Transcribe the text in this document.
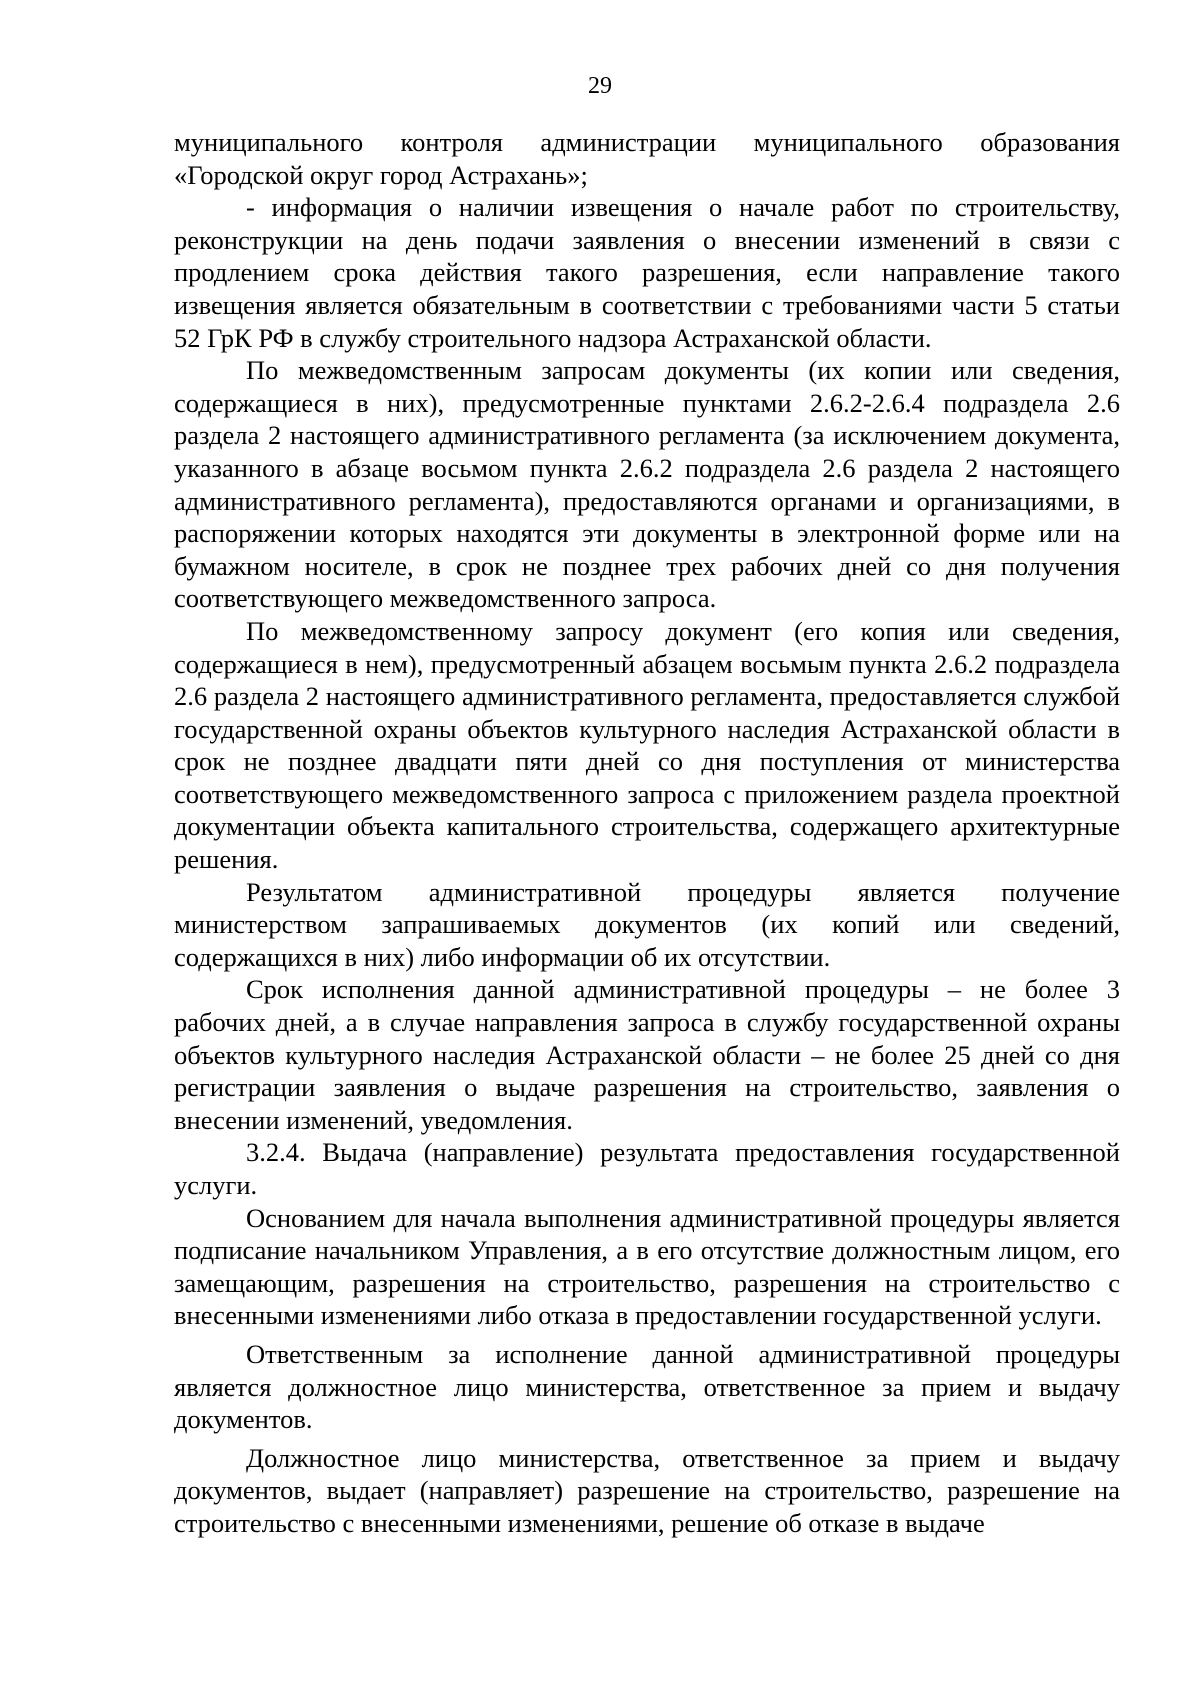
29

муниципального контроля администрации муниципального образования «Городской округ город Астрахань»;

- информация о наличии извещения о начале работ по строительству, реконструкции на день подачи заявления о внесении изменений в связи с продлением срока действия такого разрешения, если направление такого извещения является обязательным в соответствии с требованиями части 5 статьи 52 ГрК РФ в службу строительного надзора Астраханской области.

По межведомственным запросам документы (их копии или сведения, содержащиеся в них), предусмотренные пунктами 2.6.2-2.6.4 подраздела 2.6 раздела 2 настоящего административного регламента (за исключением документа, указанного в абзаце восьмом пункта 2.6.2 подраздела 2.6 раздела 2 настоящего административного регламента), предоставляются органами и организациями, в распоряжении которых находятся эти документы в электронной форме или на бумажном носителе, в срок не позднее трех рабочих дней со дня получения соответствующего межведомственного запроса.

По межведомственному запросу документ (его копия или сведения, содержащиеся в нем), предусмотренный абзацем восьмым пункта 2.6.2 подраздела 2.6 раздела 2 настоящего административного регламента, предоставляется службой государственной охраны объектов культурного наследия Астраханской области в срок не позднее двадцати пяти дней со дня поступления от министерства соответствующего межведомственного запроса с приложением раздела проектной документации объекта капитального строительства, содержащего архитектурные решения.

Результатом административной процедуры является получение министерством запрашиваемых документов (их копий или сведений, содержащихся в них) либо информации об их отсутствии.

Срок исполнения данной административной процедуры – не более 3 рабочих дней, а в случае направления запроса в службу государственной охраны объектов культурного наследия Астраханской области – не более 25 дней со дня регистрации заявления о выдаче разрешения на строительство, заявления о внесении изменений, уведомления.

3.2.4. Выдача (направление) результата предоставления государственной услуги.

Основанием для начала выполнения административной процедуры является подписание начальником Управления, а в его отсутствие должностным лицом, его замещающим, разрешения на строительство, разрешения на строительство с внесенными изменениями либо отказа в предоставлении государственной услуги.

Ответственным за исполнение данной административной процедуры является должностное лицо министерства, ответственное за прием и выдачу документов.

Должностное лицо министерства, ответственное за прием и выдачу документов, выдает (направляет) разрешение на строительство, разрешение на строительство с внесенными изменениями, решение об отказе в выдаче
